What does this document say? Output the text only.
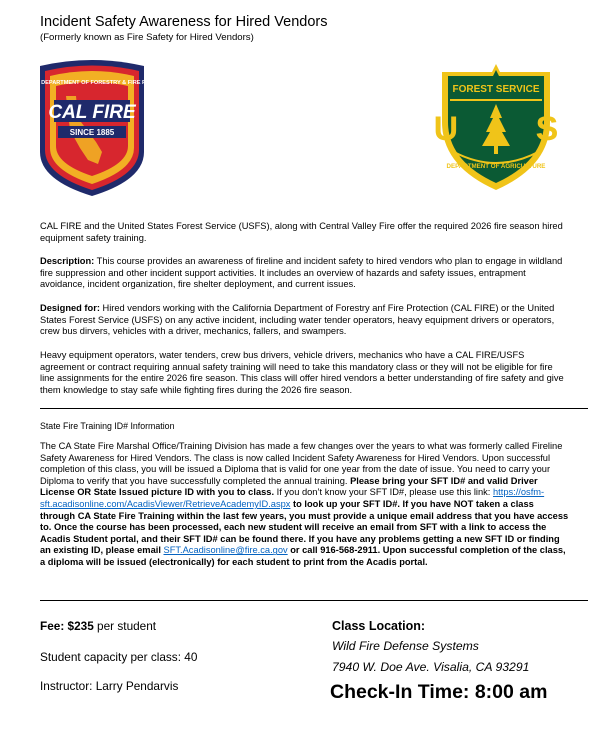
Incident Safety Awareness for Hired Vendors
(Formerly known as Fire Safety for Hired Vendors)
CALIFORNIA DEPARTMENT OF FORESTRY & FIRE PROTECTION
CAL FIRE
SINCE 1885
FOREST SERVICE
U S
DEPARTMENT OF AGRICULTURE

CAL FIRE and the United States Forest Service (USFS), along with Central Valley Fire offer the required 2026 fire season hired equipment safety training.

Description: This course provides an awareness of fireline and incident safety to hired vendors who plan to engage in wildland fire suppression and other incident support activities. It includes an overview of hazards and safety issues, entrapment avoidance, incident organization, fire shelter deployment, and current issues.

Designed for: Hired vendors working with the California Department of Forestry anf Fire Protection (CAL FIRE) or the United States Forest Service (USFS) on any active incident, including water tender operators, heavy equipment drivers or operators, crew bus dirvers, vehicles with a driver, mechanics, fallers, and swampers.

Heavy equipment operators, water tenders, crew bus drivers, vehicle drivers, mechanics who have a CAL FIRE/USFS agreement or contract requiring annual safety training will need to take this mandatory class or they will not be eligible for fire line assignments for the entire 2026 fire season. This class will offer hired vendors a better understanding of fire safety and give them knowledge to stay safe while fighting fires during the 2026 fire season.

State Fire Training ID# Information

The CA State Fire Marshal Office/Training Division has made a few changes over the years to what was formerly called Fireline Safety Awareness for Hired Vendors. The class is now called Incident Safety Awareness for Hired Vendors. Upon successful completion of this class, you will be issued a Diploma that is valid for one year from the date of issue. You need to carry your Diploma to verify that you have successfully completed the annual training. Please bring your SFT ID# and valid Driver License OR State Issued picture ID with you to class. If you don’t know your SFT ID#, please use this link: https://osfm-sft.acadisonline.com/AcadisViewer/RetrieveAcademyID.aspx to look up your SFT ID#. If you have NOT taken a class through CA State Fire Training within the last few years, you must provide a unique email address that you have access to. Once the course has been processed, each new student will receive an email from SFT with a link to access the Acadis Student portal, and their SFT ID# can be found there. If you have any problems getting a new SFT ID or finding an existing ID, please email SFT.Acadisonline@fire.ca.gov or call 916-568-2911. Upon successful completion of the class, a diploma will be issued (electronically) for each student to print from the Acadis portal.

Fee: $235 per student
Student capacity per class: 40
Instructor: Larry Pendarvis
Class Location:
Wild Fire Defense Systems
7940 W. Doe Ave. Visalia, CA 93291
Check-In Time: 8:00 am
